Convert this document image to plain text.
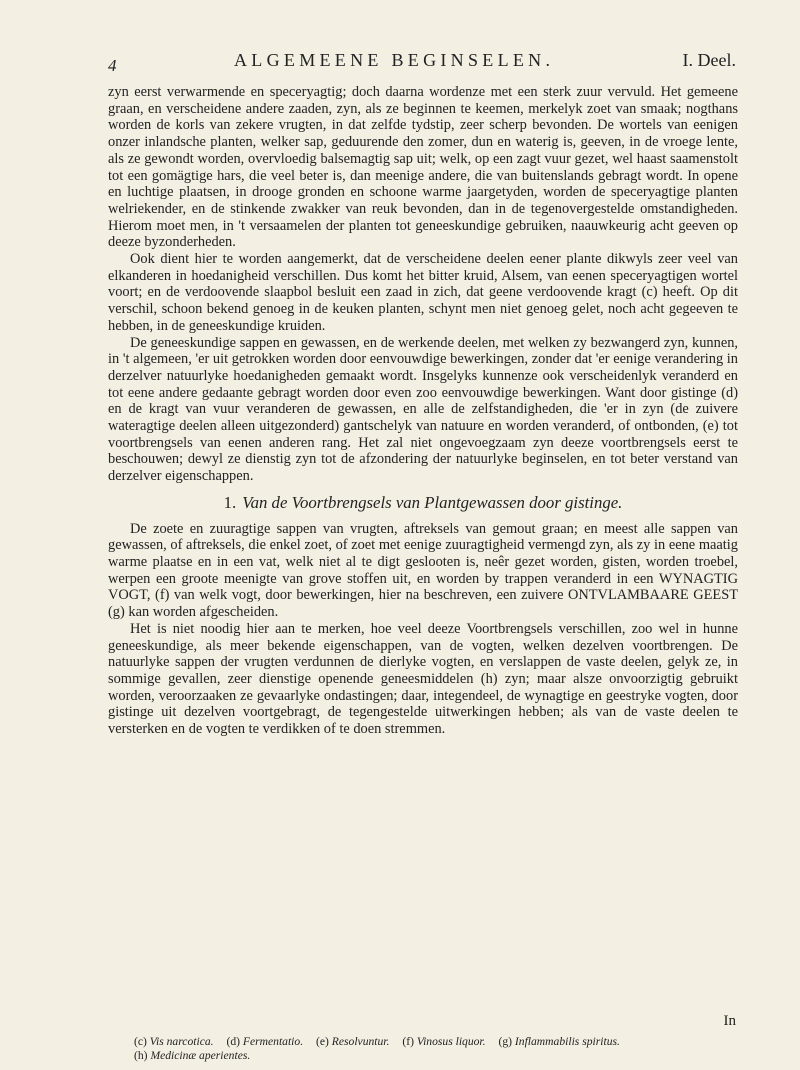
4	ALGEMEENE BEGINSELEN.	I. Deel.

zyn eerst verwarmende en speceryagtig; doch daarna wordenze met een sterk zuur vervuld. Het gemeene graan, en verscheidene andere zaaden, zyn, als ze beginnen te keemen, merkelyk zoet van smaak; nogthans worden de korls van zekere vrugten, in dat zelfde tydstip, zeer scherp bevonden. De wortels van eenigen onzer inlandsche planten, welker sap, geduurende den zomer, dun en waterig is, geeven, in de vroege lente, als ze gewondt worden, overvloedig balsemagtig sap uit; welk, op een zagt vuur gezet, wel haast saamenstolt tot een gomägtige hars, die veel beter is, dan meenige andere, die van buitenslands gebragt wordt. In opene en luchtige plaatsen, in drooge gronden en schoone warme jaargetyden, worden de speceryagtige planten welriekender, en de stinkende zwakker van reuk bevonden, dan in de tegenovergestelde omstandigheden. Hierom moet men, in 't versaamelen der planten tot geneeskundige gebruiken, naauwkeurig acht geeven op deeze byzonderheden.

Ook dient hier te worden aangemerkt, dat de verscheidene deelen eener plante dikwyls zeer veel van elkanderen in hoedanigheid verschillen. Dus komt het bitter kruid, Alsem, van eenen speceryagtigen wortel voort; en de verdoovende slaapbol besluit een zaad in zich, dat geene verdoovende kragt (c) heeft. Op dit verschil, schoon bekend genoeg in de keuken planten, schynt men niet genoeg gelet, noch acht gegeeven te hebben, in de geneeskundige kruiden.

De geneeskundige sappen en gewassen, en de werkende deelen, met welken zy bezwangerd zyn, kunnen, in 't algemeen, 'er uit getrokken worden door eenvouwdige bewerkingen, zonder dat 'er eenige verandering in derzelver natuurlyke hoedanigheden gemaakt wordt. Insgelyks kunnenze ook verscheidenlyk veranderd en tot eene andere gedaante gebragt worden door even zoo eenvouwdige bewerkingen. Want door gistinge (d) en de kragt van vuur veranderen de gewassen, en alle de zelfstandigheden, die 'er in zyn (de zuivere wateragtige deelen alleen uitgezonderd) gantschelyk van natuure en worden veranderd, of ontbonden, (e) tot voortbrengsels van eenen anderen rang. Het zal niet ongevoegzaam zyn deeze voortbrengsels eerst te beschouwen; dewyl ze dienstig zyn tot de afzondering der natuurlyke beginselen, en tot beter verstand van derzelver eigenschappen.

1. Van de Voortbrengsels van Plantgewassen door gistinge.

De zoete en zuuragtige sappen van vrugten, aftreksels van gemout graan; en meest alle sappen van gewassen, of aftreksels, die enkel zoet, of zoet met eenige zuuragtigheid vermengd zyn, als zy in eene maatig warme plaatse en in een vat, welk niet al te digt geslooten is, neêr gezet worden, gisten, worden troebel, werpen een groote meenigte van grove stoffen uit, en worden by trappen veranderd in een WYNAGTIG VOGT, (f) van welk vogt, door bewerkingen, hier na beschreven, een zuivere ONTVLAMBAARE GEEST (g) kan worden afgescheiden.

Het is niet noodig hier aan te merken, hoe veel deeze Voortbrengsels verschillen, zoo wel in hunne geneeskundige, als meer bekende eigenschappen, van de vogten, welken dezelven voortbrengen. De natuurlyke sappen der vrugten verdunnen de dierlyke vogten, en verslappen de vaste deelen, gelyk ze, in sommige gevallen, zeer dienstige openende geneesmiddelen (h) zyn; maar alsze onvoorzigtig gebruikt worden, veroorzaaken ze gevaarlyke ondastingen; daar, integendeel, de wynagtige en geestryke vogten, door gistinge uit dezelven voortgebragt, de tegengestelde uitwerkingen hebben; als van de vaste deelen te versterken en de vogten te verdikken of te doen stremmen.

In
(c) Vis narcotica. (d) Fermentatio. (e) Resolvuntur. (f) Vinosus liquor. (g) Inflammabilis spiritus.
(h) Medicinæ aperientes.
